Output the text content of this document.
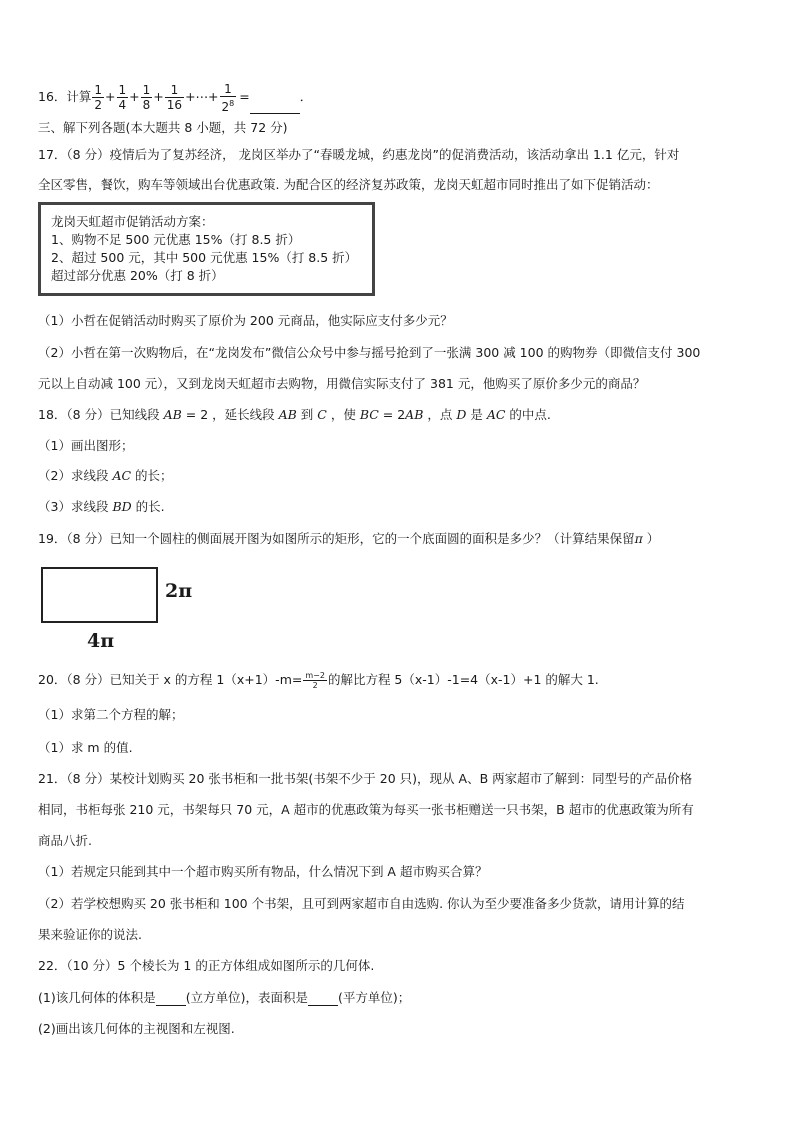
16．计算 $\frac{1}{2} + \frac{1}{4} + \frac{1}{8} + \frac{1}{16}$ +⋯+ $\frac{1}{2^8}$ =	．
三、解下列各题(本大题共 8 小题，共 72 分)
17．（8 分）疫情后为了复苏经济， 龙岗区举办了“春暖龙城，约惠龙岗”的促消费活动，该活动拿出 1.1 亿元，针对
全区零售，餐饮，购车等领域出台优惠政策. 为配合区的经济复苏政策，龙岗天虹超市同时推出了如下促销活动：
龙岗天虹超市促销活动方案：
1、购物不足 500 元优惠 15%（打 8.5 折）
2、超过 500 元，其中 500 元优惠 15%（打 8.5 折）
超过部分优惠 20%（打 8 折）
（1）小哲在促销活动时购买了原价为 200 元商品，他实际应支付多少元？
（2）小哲在第一次购物后，在“龙岗发布”微信公众号中参与摇号抢到了一张满 300 减 100 的购物券（即微信支付 300
元以上自动减 100 元），又到龙岗天虹超市去购物，用微信实际支付了 381 元，他购买了原价多少元的商品？
18．（8 分）已知线段 AB = 2 ，延长线段 AB 到 C ，使 BC = 2AB ，点 D 是 AC 的中点.
（1）画出图形；
（2）求线段 AC 的长；
（3）求线段 BD 的长.
19．（8 分）已知一个圆柱的侧面展开图为如图所示的矩形，它的一个底面圆的面积是多少？（计算结果保留π ）
2π
4π
20．（8 分）已知关于 x 的方程 $1(x+1)-m= \frac{m-2}{2}$ 的解比方程 5（x-1）-1=4（x-1）+1 的解大 1.
（1）求第二个方程的解；
（1）求 m 的值.
21．（8 分）某校计划购买 20 张书柜和一批书架(书架不少于 20 只)，现从 A、B 两家超市了解到：同型号的产品价格
相同，书柜每张 210 元，书架每只 70 元，A 超市的优惠政策为每买一张书柜赠送一只书架，B 超市的优惠政策为所有
商品八折.
（1）若规定只能到其中一个超市购买所有物品，什么情况下到 A 超市购买合算？
（2）若学校想购买 20 张书柜和 100 个书架，且可到两家超市自由选购. 你认为至少要准备多少货款，请用计算的结
果来验证你的说法.
22．（10 分）5 个棱长为 1 的正方体组成如图所示的几何体.
(1)该几何体的体积是 (立方单位)，表面积是 (平方单位)；
(2)画出该几何体的主视图和左视图.
